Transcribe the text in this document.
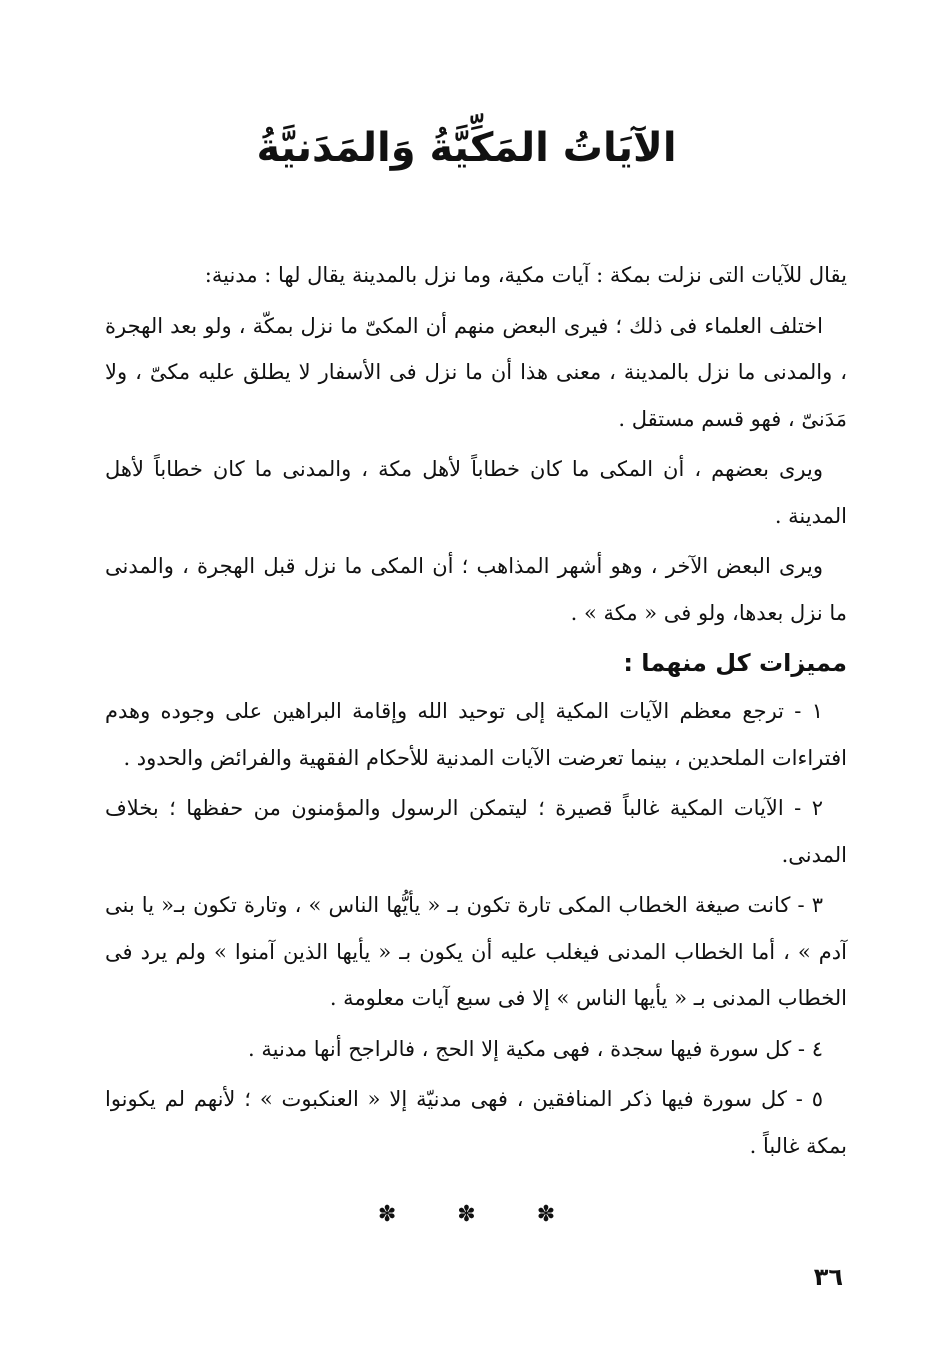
الآيَاتُ المَكِّيَّةُ وَالمَدَنيَّةُ

يقال للآيات التى نزلت بمكة : آيات مكية، وما نزل بالمدينة يقال لها : مدنية:

اختلف العلماء فى ذلك ؛ فيرى البعض منهم أن المكىّ ما نزل بمكّة ، ولو بعد الهجرة ، والمدنى ما نزل بالمدينة ، معنى هذا أن ما نزل فى الأسفار لا يطلق عليه مكىّ ، ولا مَدَنىّ ، فهو قسم مستقل .

ويرى بعضهم ، أن المكى ما كان خطاباً لأهل مكة ، والمدنى ما كان خطاباً لأهل المدينة .

ويرى البعض الآخر ، وهو أشهر المذاهب ؛ أن المكى ما نزل قبل الهجرة ، والمدنى ما نزل بعدها، ولو فى « مكة » .

مميزات كل منهما :

١ - ترجع معظم الآيات المكية إلى توحيد الله وإقامة البراهين على وجوده وهدم افتراءات الملحدين ، بينما تعرضت الآيات المدنية للأحكام الفقهية والفرائض والحدود .

٢ - الآيات المكية غالباً قصيرة ؛ ليتمكن الرسول والمؤمنون من حفظها ؛ بخلاف المدنى.

٣ - كانت صيغة الخطاب المكى تارة تكون بـ « يأيُّها الناس » ، وتارة تكون بـ« يا بنى آدم » ، أما الخطاب المدنى فيغلب عليه أن يكون بـ « يأيها الذين آمنوا » ولم يرد فى الخطاب المدنى بـ « يأيها الناس » إلا فى سبع آيات معلومة .

٤ - كل سورة فيها سجدة ، فهى مكية إلا الحج ، فالراجح أنها مدنية .

٥ - كل سورة فيها ذكر المنافقين ، فهى مدنيّة إلا « العنكبوت » ؛ لأنهم لم يكونوا بمكة غالباً .

✽	✽	✽
٣٦
